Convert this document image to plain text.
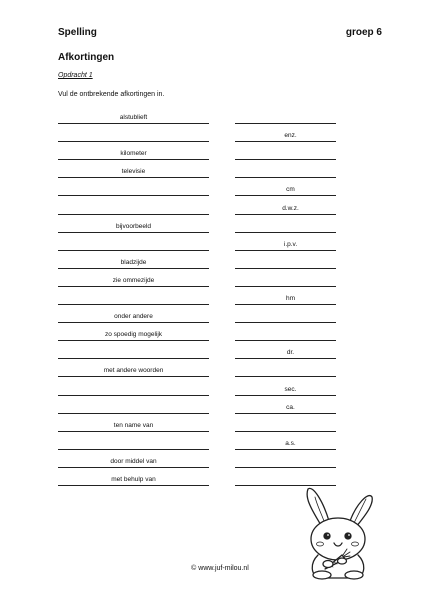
Spelling	groep 6
Afkortingen
Opdracht 1
Vul de ontbrekende afkortingen in.
alstublieft
enz.
kilometer
televisie
cm
d.w.z.
bijvoorbeeld
i.p.v.
bladzijde
zie ommezijde
hm
onder andere
zo spoedig mogelijk
dr.
met andere woorden
sec.
ca.
ten name van
a.s.
door middel van
met behulp van
© www.juf-milou.nl
